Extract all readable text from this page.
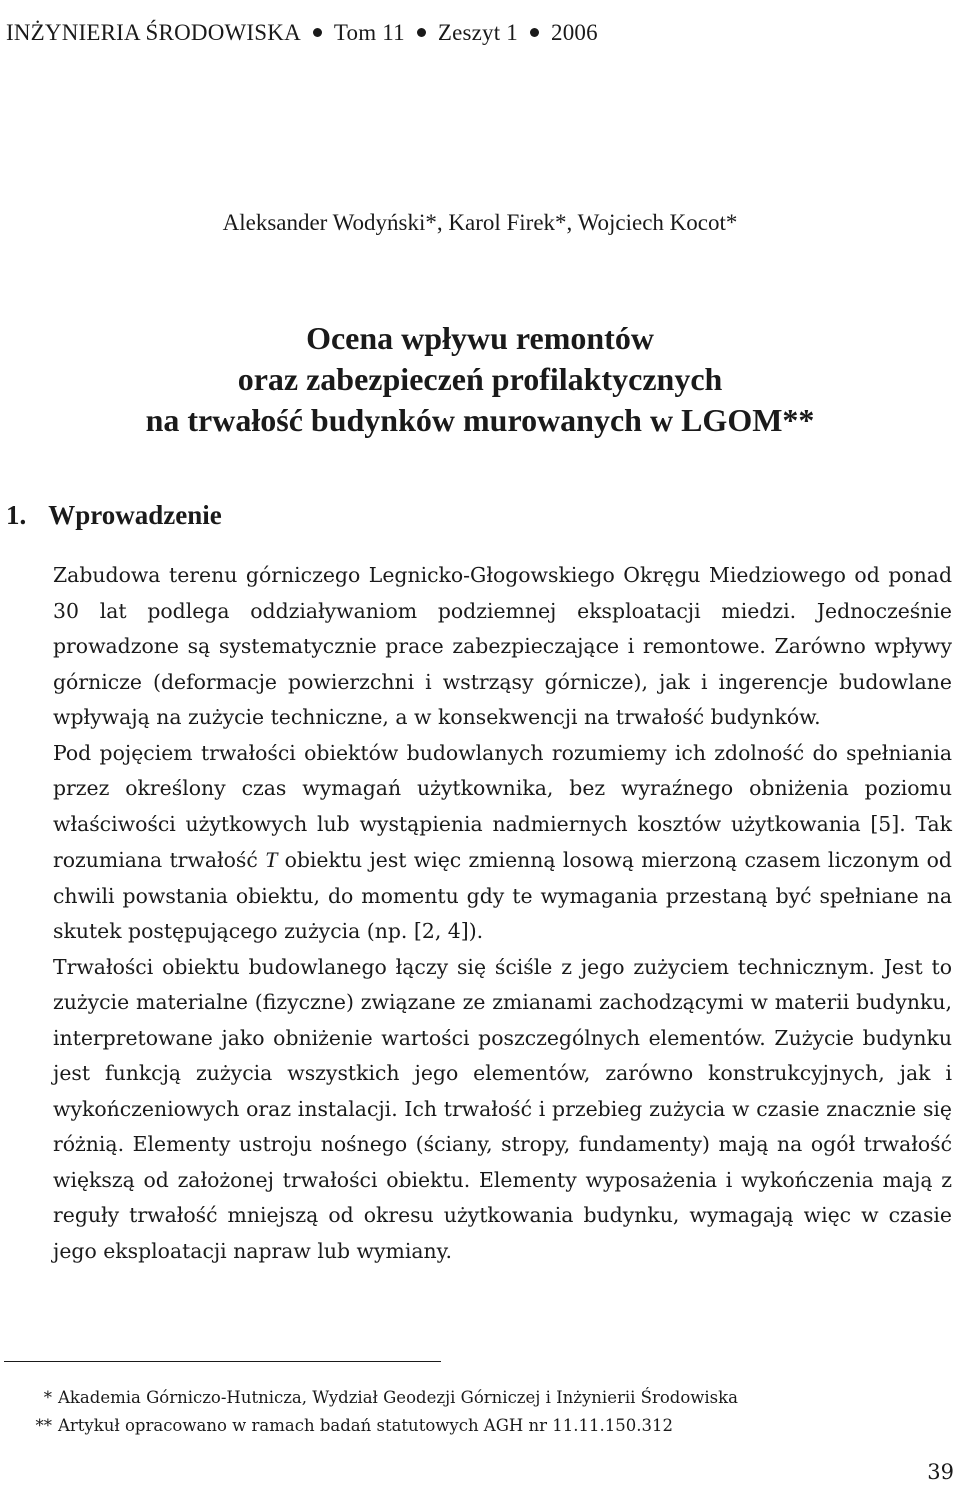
INŻYNIERIA ŚRODOWISKA Tom 11 Zeszyt 1 2006
Aleksander Wodyński*, Karol Firek*, Wojciech Kocot*
Ocena wpływu remontów
oraz zabezpieczeń profilaktycznych
na trwałość budynków murowanych w LGOM**
1. Wprowadzenie

Zabudowa terenu górniczego Legnicko-Głogowskiego Okręgu Miedziowego od ponad 30 lat podlega oddziaływaniom podziemnej eksploatacji miedzi. Jednocześnie prowadzone są systematycznie prace zabezpieczające i remontowe. Zarówno wpływy górnicze (deformacje powierzchni i wstrząsy górnicze), jak i ingerencje budowlane wpływają na zużycie techniczne, a w konsekwencji na trwałość budynków.

Pod pojęciem trwałości obiektów budowlanych rozumiemy ich zdolność do spełniania przez określony czas wymagań użytkownika, bez wyraźnego obniżenia poziomu właściwości użytkowych lub wystąpienia nadmiernych kosztów użytkowania [5]. Tak rozumiana trwałość T obiektu jest więc zmienną losową mierzoną czasem liczonym od chwili powstania obiektu, do momentu gdy te wymagania przestaną być spełniane na skutek postępującego zużycia (np. [2, 4]).

Trwałości obiektu budowlanego łączy się ściśle z jego zużyciem technicznym. Jest to zużycie materialne (fizyczne) związane ze zmianami zachodzącymi w materii budynku, interpretowane jako obniżenie wartości poszczególnych elementów. Zużycie budynku jest funkcją zużycia wszystkich jego elementów, zarówno konstrukcyjnych, jak i wykończeniowych oraz instalacji. Ich trwałość i przebieg zużycia w czasie znacznie się różnią. Elementy ustroju nośnego (ściany, stropy, fundamenty) mają na ogół trwałość większą od założonej trwałości obiektu. Elementy wyposażenia i wykończenia mają z reguły trwałość mniejszą od okresu użytkowania budynku, wymagają więc w czasie jego eksploatacji napraw lub wymiany.

* Akademia Górniczo-Hutnicza, Wydział Geodezji Górniczej i Inżynierii Środowiska
** Artykuł opracowano w ramach badań statutowych AGH nr 11.11.150.312
39
